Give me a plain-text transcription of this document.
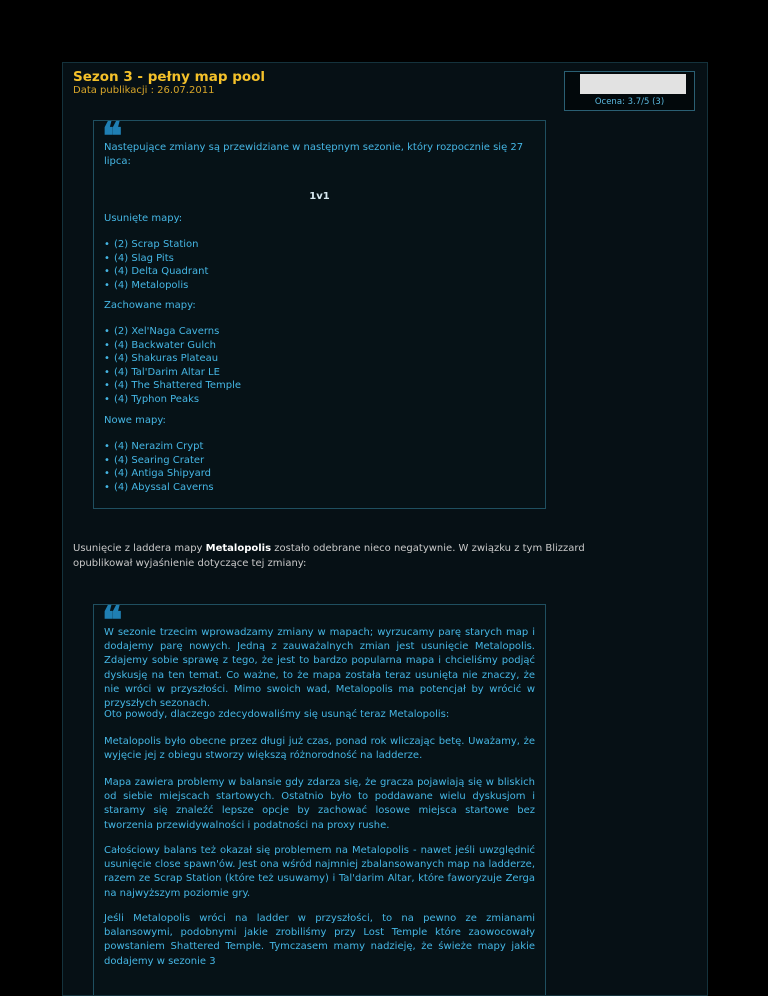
Sezon 3 - pełny map pool
Data publikacji : 26.07.2011
Ocena: 3.7/5 (3)
❝
Następujące zmiany są przewidziane w następnym sezonie, który rozpocznie się 27 lipca:
1v1
Usunięte mapy:
• (2) Scrap Station
• (4) Slag Pits
• (4) Delta Quadrant
• (4) Metalopolis
Zachowane mapy:
• (2) Xel'Naga Caverns
• (4) Backwater Gulch
• (4) Shakuras Plateau
• (4) Tal'Darim Altar LE
• (4) The Shattered Temple
• (4) Typhon Peaks
Nowe mapy:
• (4) Nerazim Crypt
• (4) Searing Crater
• (4) Antiga Shipyard
• (4) Abyssal Caverns
Usunięcie z laddera mapy Metalopolis zostało odebrane nieco negatywnie. W związku z tym Blizzard opublikował wyjaśnienie dotyczące tej zmiany:
❝
W sezonie trzecim wprowadzamy zmiany w mapach; wyrzucamy parę starych map i dodajemy parę nowych. Jedną z zauważalnych zmian jest usunięcie Metalopolis. Zdajemy sobie sprawę z tego, że jest to bardzo popularna mapa i chcieliśmy podjąć dyskusję na ten temat. Co ważne, to że mapa została teraz usunięta nie znaczy, że nie wróci w przyszłości. Mimo swoich wad, Metalopolis ma potencjał by wrócić w przyszłych sezonach.
Oto powody, dlaczego zdecydowaliśmy się usunąć teraz Metalopolis:
Metalopolis było obecne przez długi już czas, ponad rok wliczając betę. Uważamy, że wyjęcie jej z obiegu stworzy większą różnorodność na ladderze.
Mapa zawiera problemy w balansie gdy zdarza się, że gracza pojawiają się w bliskich od siebie miejscach startowych. Ostatnio było to poddawane wielu dyskusjom i staramy się znaleźć lepsze opcje by zachować losowe miejsca startowe bez tworzenia przewidywalności i podatności na proxy rushe.
Całościowy balans też okazał się problemem na Metalopolis - nawet jeśli uwzględnić usunięcie close spawn'ów. Jest ona wśród najmniej zbalansowanych map na ladderze, razem ze Scrap Station (które też usuwamy) i Tal'darim Altar, które faworyzuje Zerga na najwyższym poziomie gry.
Jeśli Metalopolis wróci na ladder w przyszłości, to na pewno ze zmianami balansowymi, podobnymi jakie zrobiliśmy przy Lost Temple które zaowocowały powstaniem Shattered Temple. Tymczasem mamy nadzieję, że świeże mapy jakie dodajemy w sezonie 3
